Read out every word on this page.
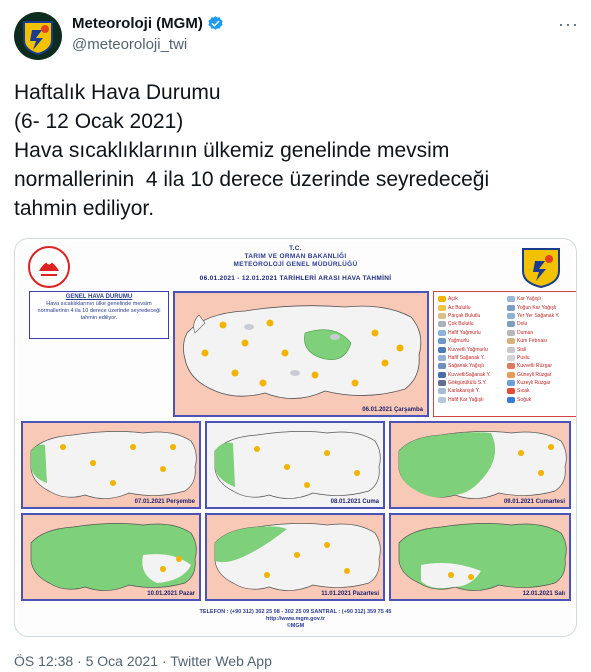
Meteoroloji (MGM)
@meteoroloji_twi
···
Haftalık Hava Durumu
(6- 12 Ocak 2021)
Hava sıcaklıklarının ülkemiz genelinde mevsim
normallerinin  4 ila 10 derece üzerinde seyredeceği
tahmin ediliyor.
T.C.
TARIM VE ORMAN BAKANLIĞI
METEOROLOJİ GENEL MÜDÜRLÜĞÜ
06.01.2021 - 12.01.2021 TARİHLERİ ARASI HAVA TAHMİNİ
GENEL HAVA DURUMU
Hava sıcaklıklarının ülke genelinde mevsim normallerinin 4 ila 10 derece üzerinde seyredeceği tahmin ediliyor.
06.01.2021 Çarşamba
Açık	Kar Yağışlı
Az Bulutlu	Yoğun Kar Yağışlı
Parçalı Bulutlu	Yer Yer Sağanak Y.
Çok Bulutlu	Dolu
Hafif Yağmurlu	Duman
Yağmurlu	Kum Fırtınası
Kuvvetli Yağmurlu	Sisli
Hafif Sağanak Y.	Puslu
Sağanak Yağışlı	Kuvvetli Rüzgar
KuvvetliSağanak Y.	Güneyli Rüzgar
Gökgürültülü S.Y.	Kuzeyli Rüzgar
Karlakarışık Y.	Sıcak
Hafif Kar Yağışlı	Soğuk
07.01.2021 Perşembe	08.01.2021 Cuma	09.01.2021 Cumartesi
10.01.2021 Pazar	11.01.2021 Pazartesi	12.01.2021 Salı
TELEFON : (+90 312) 302 25 08 - 302 25 09 SANTRAL : (+90 312) 359 75 45
http://www.mgm.gov.tr
©MGM
ÖS 12:38 · 5 Oca 2021 · Twitter Web App
